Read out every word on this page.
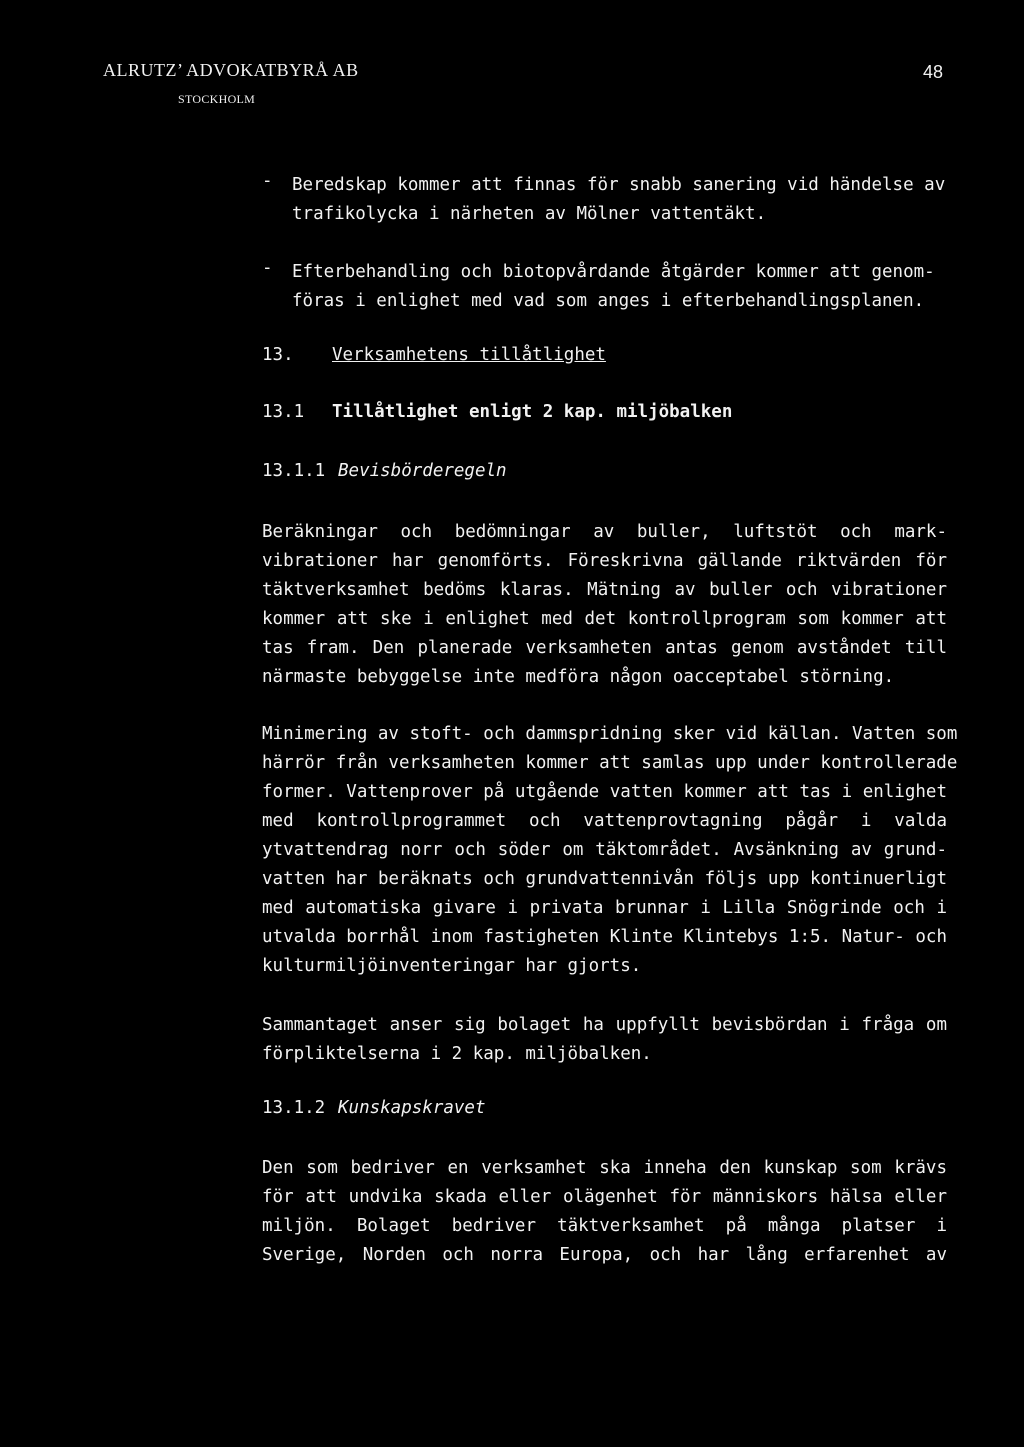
ALRUTZ’ ADVOKATBYRÅ AB
STOCKHOLM
48
- Beredskap kommer att finnas för snabb sanering vid händelse av
trafikolycka i närheten av Mölner vattentäkt.
- Efterbehandling och biotopvårdande åtgärder kommer att genom-
föras i enlighet med vad som anges i efterbehandlingsplanen.
13. Verksamhetens tillåtlighet
13.1 Tillåtlighet enligt 2 kap. miljöbalken
13.1.1 Bevisbörderegeln
Beräkningar och bedömningar av buller, luftstöt och mark-
vibrationer har genomförts. Föreskrivna gällande riktvärden för
täktverksamhet bedöms klaras. Mätning av buller och vibrationer
kommer att ske i enlighet med det kontrollprogram som kommer att
tas fram. Den planerade verksamheten antas genom avståndet till
närmaste bebyggelse inte medföra någon oacceptabel störning.
Minimering av stoft- och dammspridning sker vid källan. Vatten som
härrör från verksamheten kommer att samlas upp under kontrollerade
former. Vattenprover på utgående vatten kommer att tas i enlighet
med kontrollprogrammet och vattenprovtagning pågår i valda
ytvattendrag norr och söder om täktområdet. Avsänkning av grund-
vatten har beräknats och grundvattennivån följs upp kontinuerligt
med automatiska givare i privata brunnar i Lilla Snögrinde och i
utvalda borrhål inom fastigheten Klinte Klintebys 1:5. Natur- och
kulturmiljöinventeringar har gjorts.
Sammantaget anser sig bolaget ha uppfyllt bevisbördan i fråga om
förpliktelserna i 2 kap. miljöbalken.
13.1.2 Kunskapskravet
Den som bedriver en verksamhet ska inneha den kunskap som krävs
för att undvika skada eller olägenhet för människors hälsa eller
miljön. Bolaget bedriver täktverksamhet på många platser i
Sverige, Norden och norra Europa, och har lång erfarenhet av
